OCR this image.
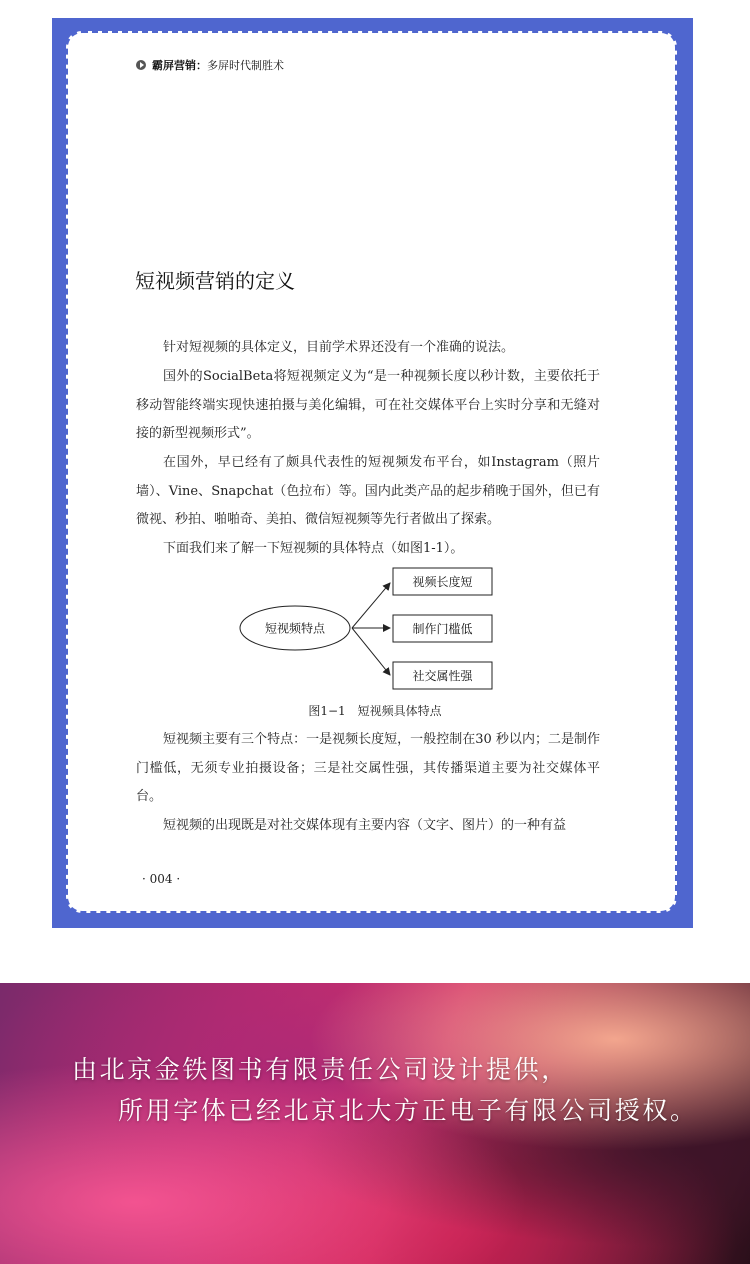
霸屏营销：多屏时代制胜术
短视频营销的定义

针对短视频的具体定义，目前学术界还没有一个准确的说法。

国外的SocialBeta将短视频定义为“是一种视频长度以秒计数，主要依托于移动智能终端实现快速拍摄与美化编辑，可在社交媒体平台上实时分享和无缝对接的新型视频形式”。

在国外，早已经有了颇具代表性的短视频发布平台，如Instagram（照片墙）、Vine、Snapchat（色拉布）等。国内此类产品的起步稍晚于国外，但已有微视、秒拍、啪啪奇、美拍、微信短视频等先行者做出了探索。

下面我们来了解一下短视频的具体特点（如图1-1）。

短视频特点
视频长度短
制作门槛低
社交属性强
图1−1　短视频具体特点

短视频主要有三个特点：一是视频长度短，一般控制在30 秒以内；二是制作门槛低，无须专业拍摄设备；三是社交属性强，其传播渠道主要为社交媒体平台。

短视频的出现既是对社交媒体现有主要内容（文字、图片）的一种有益

· 004 ·
由北京金铁图书有限责任公司设计提供，
所用字体已经北京北大方正电子有限公司授权。
